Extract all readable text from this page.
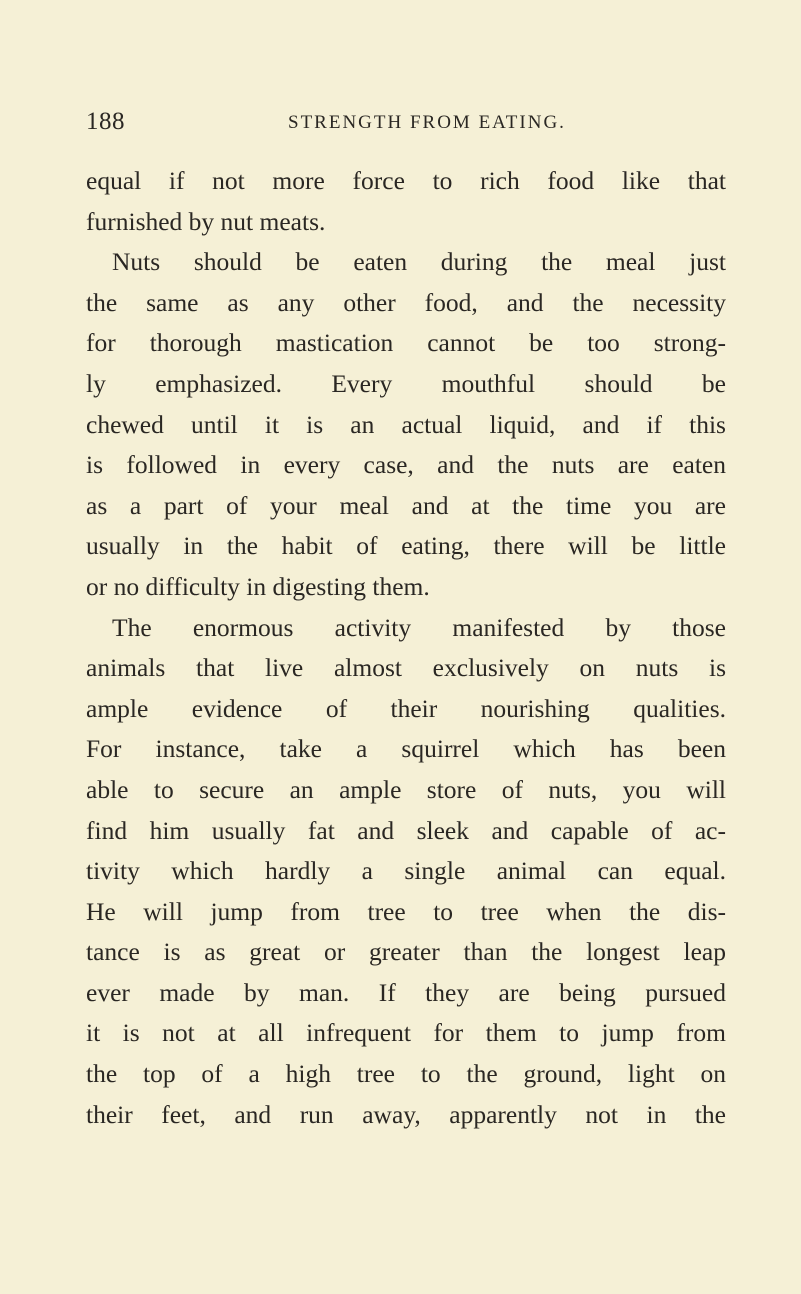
188	STRENGTH FROM EATING.
equal if not more force to rich food like that
furnished by nut meats.
Nuts should be eaten during the meal just
the same as any other food, and the necessity
for thorough mastication cannot be too strong-
ly emphasized. Every mouthful should be
chewed until it is an actual liquid, and if this
is followed in every case, and the nuts are eaten
as a part of your meal and at the time you are
usually in the habit of eating, there will be little
or no difficulty in digesting them.
The enormous activity manifested by those
animals that live almost exclusively on nuts is
ample evidence of their nourishing qualities.
For instance, take a squirrel which has been
able to secure an ample store of nuts, you will
find him usually fat and sleek and capable of ac-
tivity which hardly a single animal can equal.
He will jump from tree to tree when the dis-
tance is as great or greater than the longest leap
ever made by man. If they are being pursued
it is not at all infrequent for them to jump from
the top of a high tree to the ground, light on
their feet, and run away, apparently not in the
